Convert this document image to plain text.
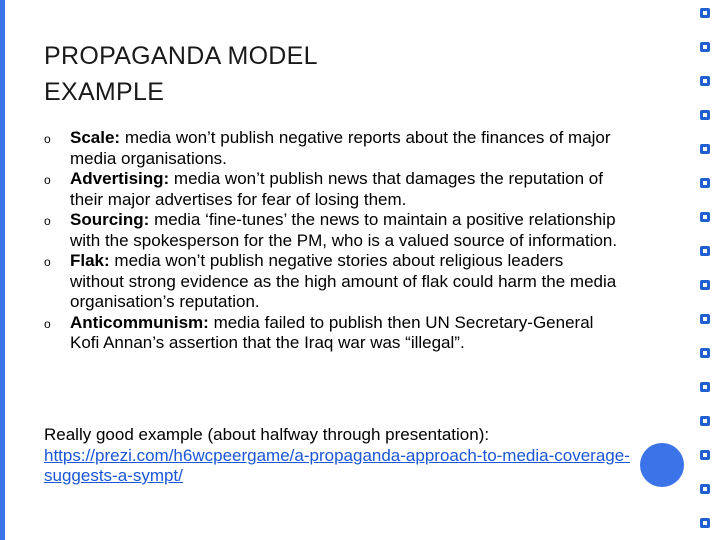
PROPAGANDA MODEL
EXAMPLE
o Scale: media won’t publish negative reports about the finances of major media organisations.
o Advertising: media won’t publish news that damages the reputation of their major advertises for fear of losing them.
o Sourcing: media ‘fine-tunes’ the news to maintain a positive relationship with the spokesperson for the PM, who is a valued source of information.
o Flak: media won’t publish negative stories about religious leaders without strong evidence as the high amount of flak could harm the media organisation’s reputation.
o Anticommunism: media failed to publish then UN Secretary-General Kofi Annan’s assertion that the Iraq war was “illegal”.
Really good example (about halfway through presentation):
https://prezi.com/h6wcpeergame/a-propaganda-approach-to-media-coverage-suggests-a-sympt/
